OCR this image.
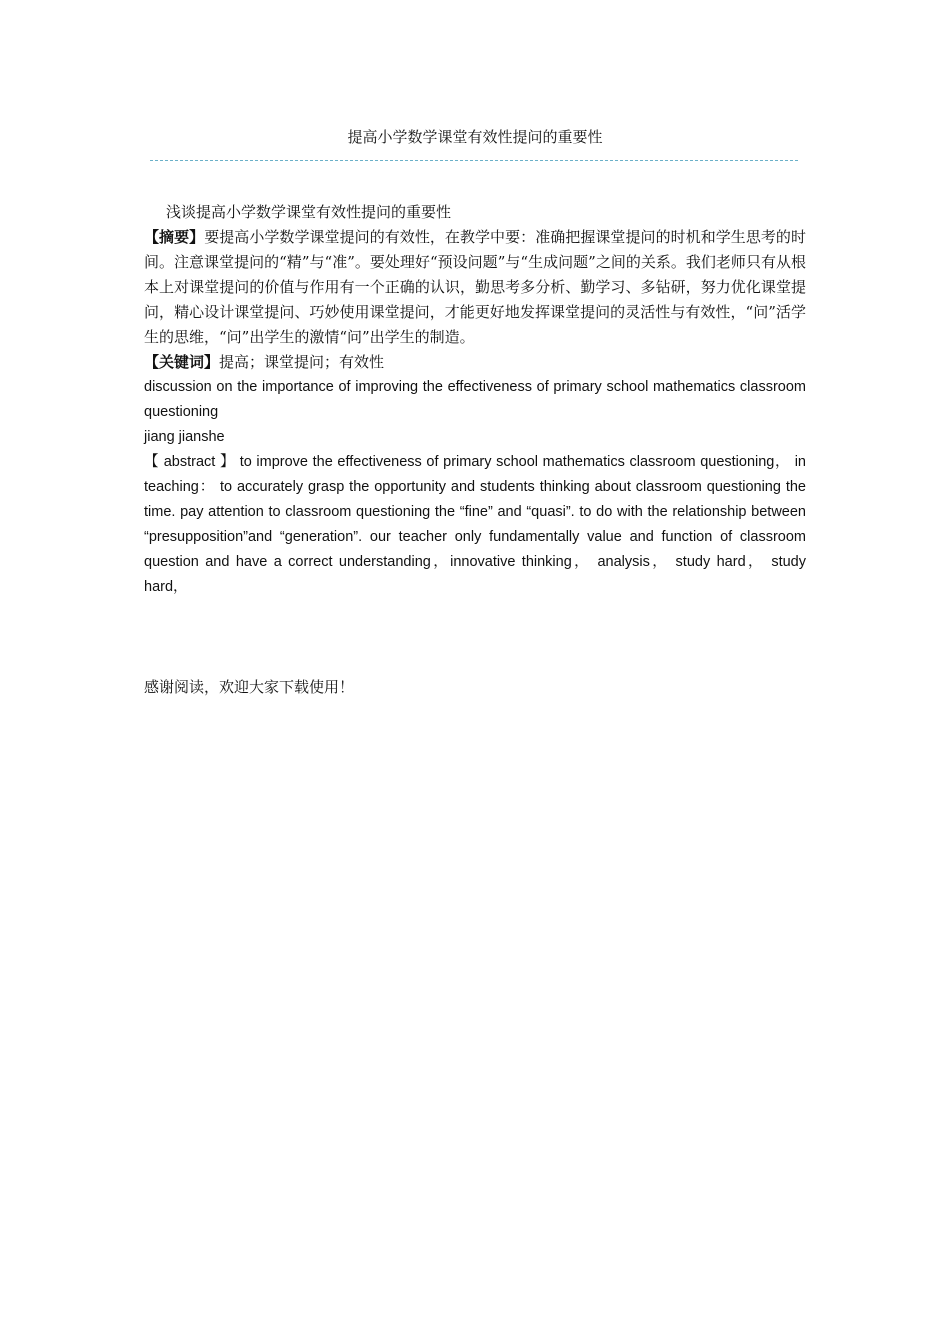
提高小学数学课堂有效性提问的重要性

浅谈提高小学数学课堂有效性提问的重要性

【摘要】要提高小学数学课堂提问的有效性，在教学中要：准确把握课堂提问的时机和学生思考的时间。注意课堂提问的“精”与“准”。要处理好“预设问题”与“生成问题”之间的关系。我们老师只有从根本上对课堂提问的价值与作用有一个正确的认识，勤思考多分析、勤学习、多钻研，努力优化课堂提问，精心设计课堂提问、巧妙使用课堂提问，才能更好地发挥课堂提问的灵活性与有效性，“问”活学生的思维，“问”出学生的激情“问”出学生的制造。

【关键词】提高；课堂提问；有效性

discussion on the importance of improving the effectiveness of primary school mathematics classroom questioning

jiang jianshe

【 abstract 】 to improve the effectiveness of primary school mathematics classroom questioning， in teaching： to accurately grasp the opportunity and students thinking about classroom questioning the time. pay attention to classroom questioning the “fine” and “quasi”. to do with the relationship between “presupposition”and “generation”. our teacher only fundamentally value and function of classroom question and have a correct understanding，innovative thinking， analysis， study hard， study hard，

感谢阅读，欢迎大家下载使用！
